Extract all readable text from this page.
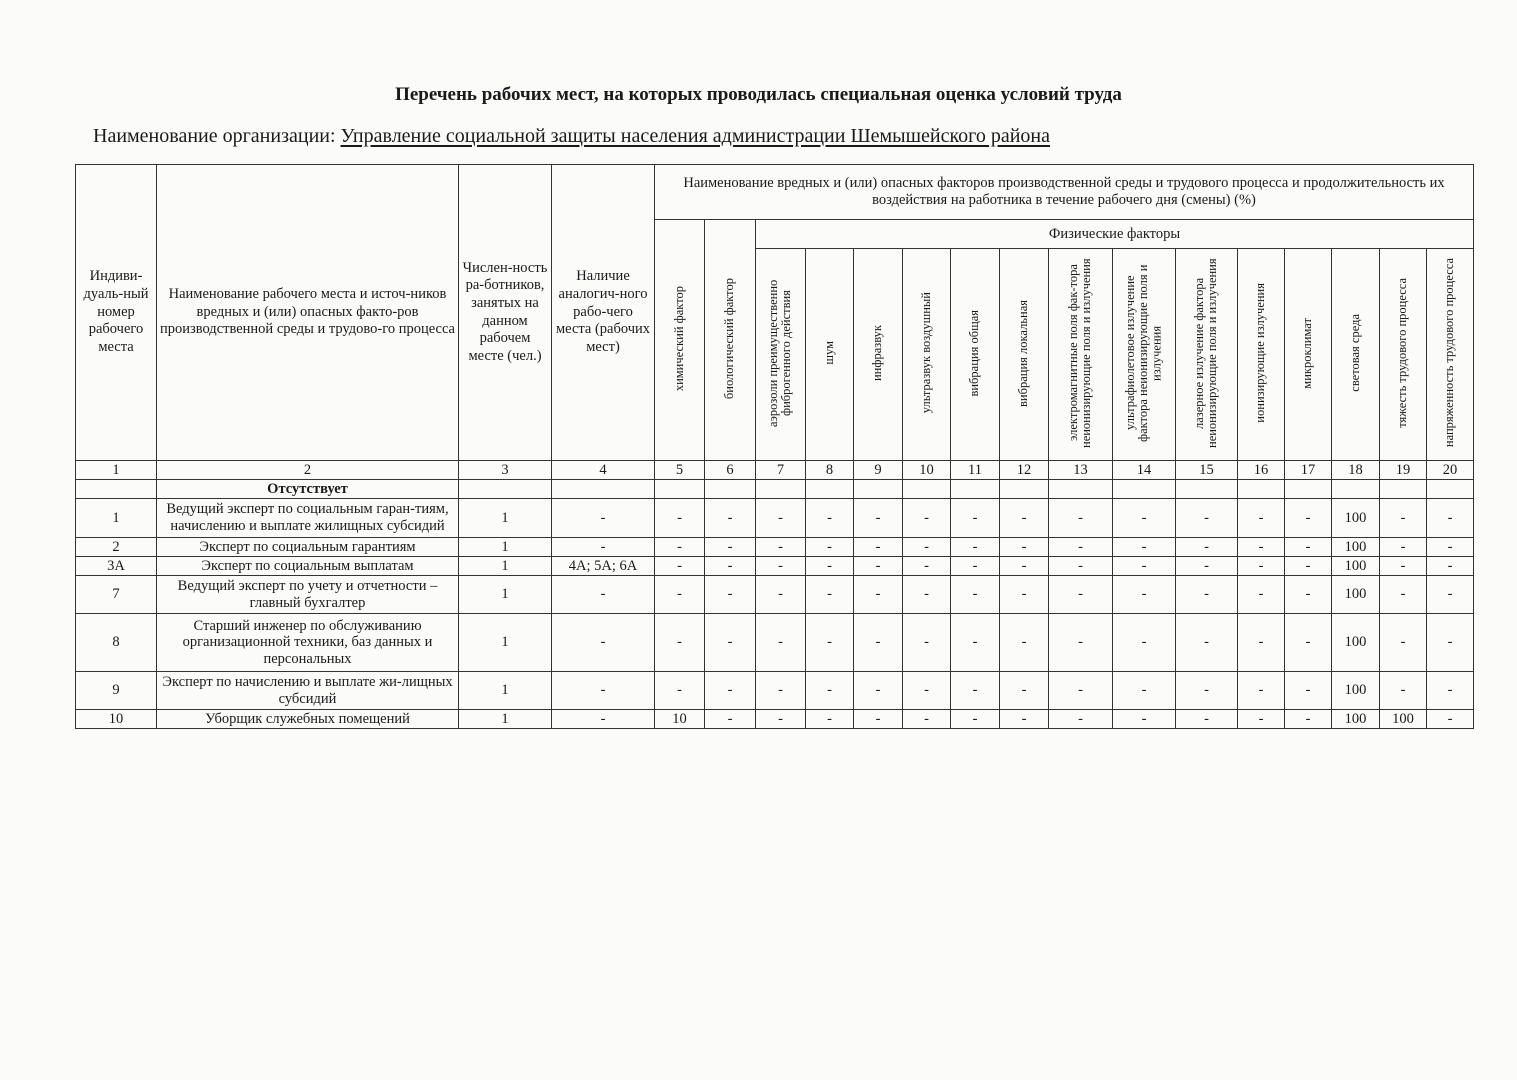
Перечень рабочих мест, на которых проводилась специальная оценка условий труда
Наименование организации: Управление социальной защиты населения администрации Шемышейского района
Индиви-дуаль-ный номер рабочего места	Наименование рабочего места и источ-ников вредных и (или) опасных факто-ров производственной среды и трудово-го процесса	Числен-ность ра-ботников, занятых на данном рабочем месте (чел.)	Наличие аналогич-ного рабо-чего места (рабочих мест)	Наименование вредных и (или) опасных факторов производственной среды и трудового процесса и продолжительность их воздействия на работника в течение рабочего дня (смены) (%)															
				химический фактор	биологический фактор	Физические факторы													
						аэрозоли преимущественно фиброгенного действия	шум	инфразвук	ультразвук воздушный	вибрация общая	вибрация локальная	электромагнитные поля фак-тора неионизирующие поля и излучения	ультрафиолетовое излучение фактора неионизирующие поля и излучения	лазерное излучение фактора неионизирующие поля и излучения	ионизирующие излучения	микроклимат	световая среда	тяжесть трудового процесса	напряженность трудового процесса
1	2	3	4	5	6	7	8	9	10	11	12	13	14	15	16	17	18	19	20
	Отсутствует																		
1	Ведущий эксперт по социальным гаран-тиям, начислению и выплате жилищных субсидий	1	-	-	-	-	-	-	-	-	-	-	-	-	-	-	100	-	-
2	Эксперт по социальным гарантиям	1	-	-	-	-	-	-	-	-	-	-	-	-	-	-	100	-	-
3А	Эксперт по социальным выплатам	1	4А; 5А; 6А	-	-	-	-	-	-	-	-	-	-	-	-	-	100	-	-
7	Ведущий эксперт по учету и отчетности – главный бухгалтер	1	-	-	-	-	-	-	-	-	-	-	-	-	-	-	100	-	-
8	Старший инженер по обслуживанию организационной техники, баз данных и персональных	1	-	-	-	-	-	-	-	-	-	-	-	-	-	-	100	-	-
9	Эксперт по начислению и выплате жи-лищных субсидий	1	-	-	-	-	-	-	-	-	-	-	-	-	-	-	100	-	-
10	Уборщик служебных помещений	1	-	10	-	-	-	-	-	-	-	-	-	-	-	-	100	100	-
